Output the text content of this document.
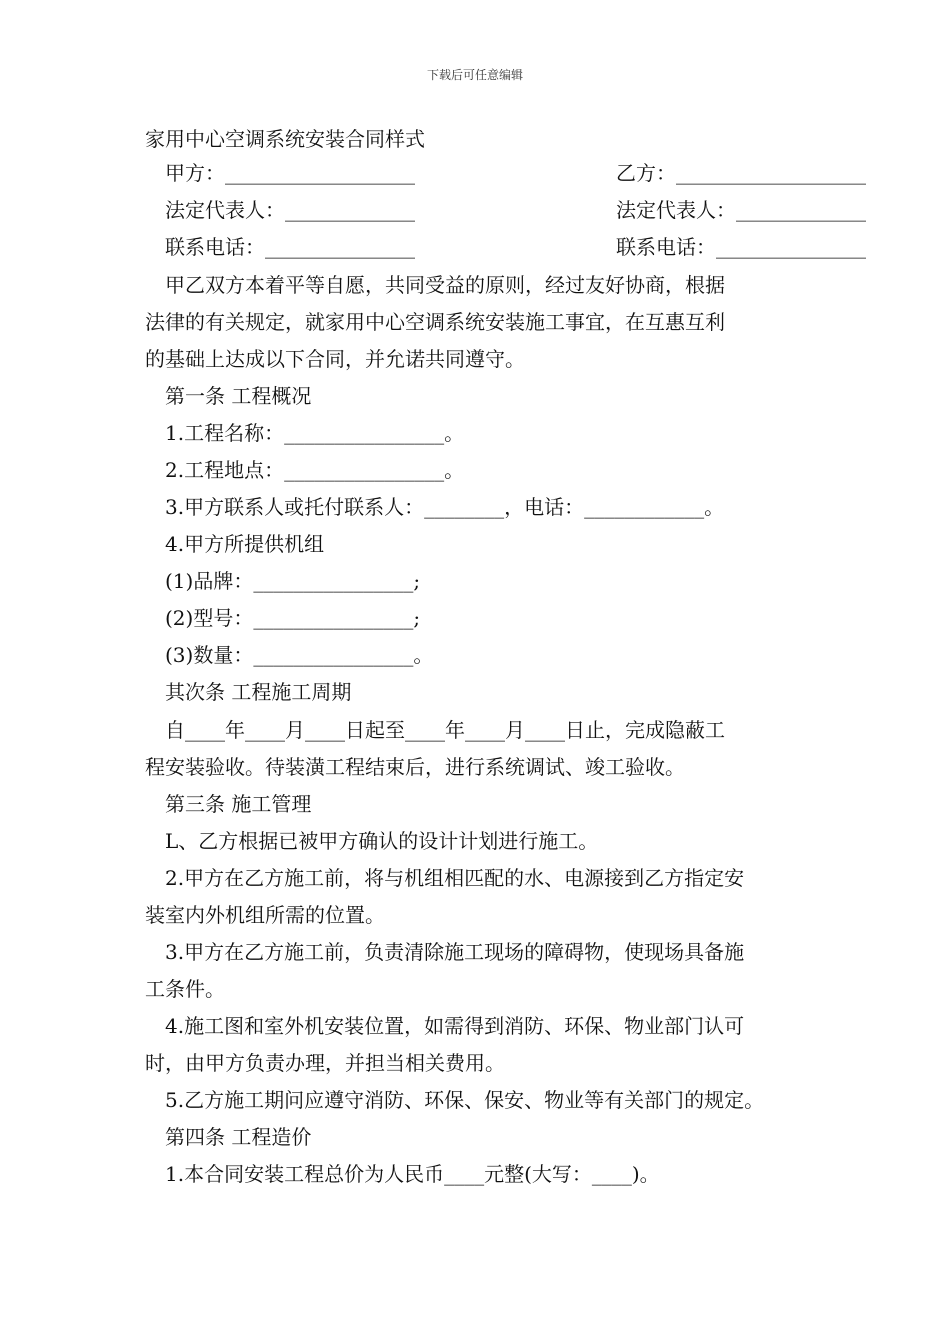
下载后可任意编辑
家用中心空调系统安装合同样式
甲方：___________________	乙方：___________________
法定代表人：_____________	法定代表人：_____________
联系电话：_______________	联系电话：_______________
甲乙双方本着平等自愿，共同受益的原则，经过友好协商，根据
法律的有关规定，就家用中心空调系统安装施工事宜，在互惠互利
的基础上达成以下合同，并允诺共同遵守。
第一条 工程概况
1.工程名称：________________。
2.工程地点：________________。
3.甲方联系人或托付联系人：________，电话：____________。
4.甲方所提供机组
(1)品牌：________________;
(2)型号：________________;
(3)数量：________________。
其次条 工程施工周期
自____年____月____日起至____年____月____日止，完成隐蔽工
程安装验收。待装潢工程结束后，进行系统调试、竣工验收。
第三条 施工管理
L、乙方根据已被甲方确认的设计计划进行施工。
2.甲方在乙方施工前，将与机组相匹配的水、电源接到乙方指定安
装室内外机组所需的位置。
3.甲方在乙方施工前，负责清除施工现场的障碍物，使现场具备施
工条件。
4.施工图和室外机安装位置，如需得到消防、环保、物业部门认可
时，由甲方负责办理，并担当相关费用。
5.乙方施工期问应遵守消防、环保、保安、物业等有关部门的规定。
第四条 工程造价
1.本合同安装工程总价为人民币____元整(大写：____)。
